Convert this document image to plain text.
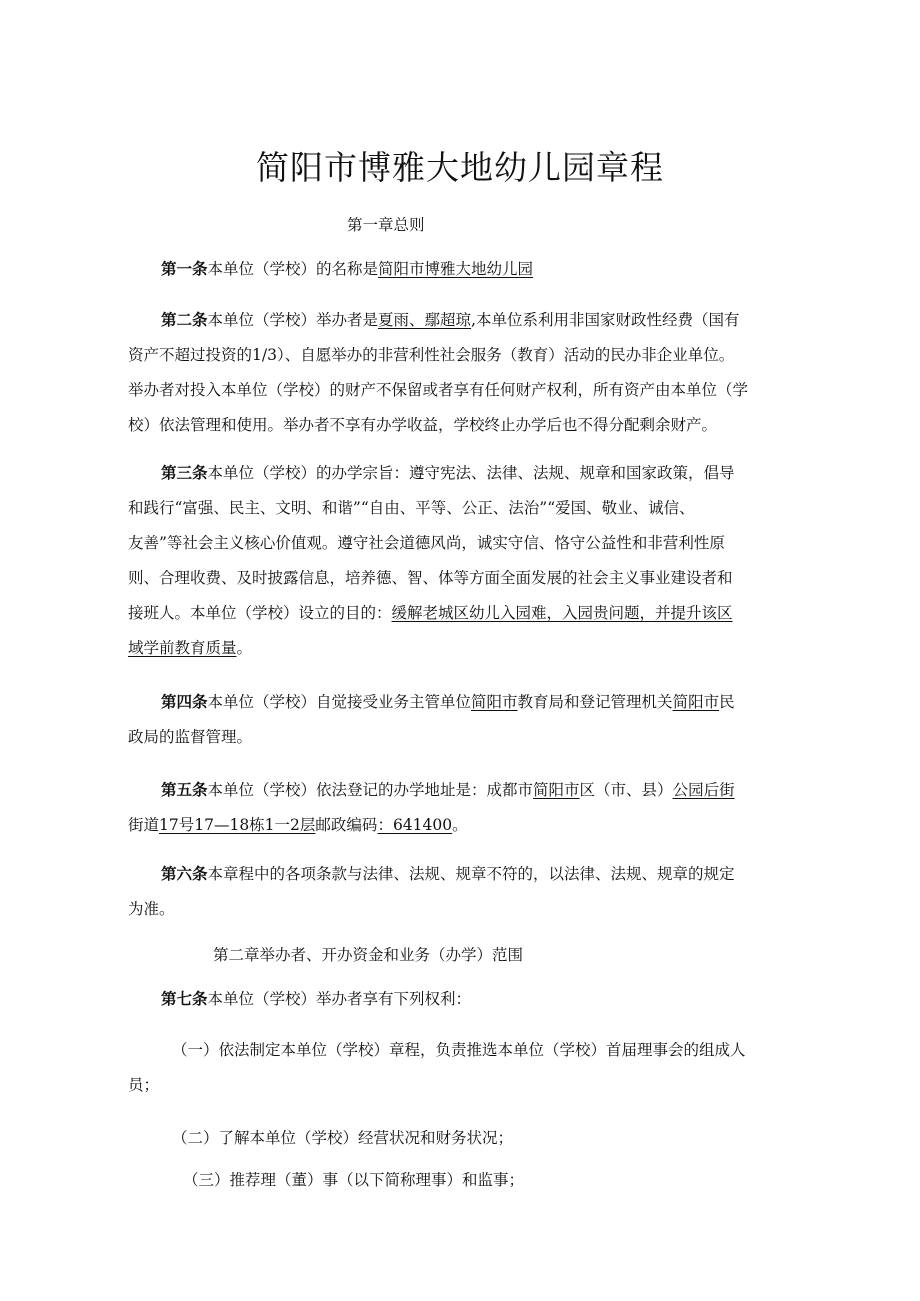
简阳市博雅大地幼儿园章程

第一章总则

第一条本单位（学校）的名称是简阳市博雅大地幼儿园

第二条本单位（学校）举办者是夏雨、鄢超琼,本单位系利用非国家财政性经费（国有
资产不超过投资的1/3）、自愿举办的非营利性社会服务（教育）活动的民办非企业单位。
举办者对投入本单位（学校）的财产不保留或者享有任何财产权利，所有资产由本单位（学
校）依法管理和使用。举办者不享有办学收益，学校终止办学后也不得分配剩余财产。

第三条本单位（学校）的办学宗旨：遵守宪法、法律、法规、规章和国家政策，倡导
和践行“富强、民主、文明、和谐”“自由、平等、公正、法治”“爱国、敬业、诚信、
友善”等社会主义核心价值观。遵守社会道德风尚，诚实守信、恪守公益性和非营利性原
则、合理收费、及时披露信息，培养德、智、体等方面全面发展的社会主义事业建设者和
接班人。本单位（学校）设立的目的：缓解老城区幼儿入园难，入园贵问题，并提升该区
域学前教育质量。

第四条本单位（学校）自觉接受业务主管单位简阳市教育局和登记管理机关简阳市民
政局的监督管理。

第五条本单位（学校）依法登记的办学地址是：成都市简阳市区（市、县）公园后街
街道17号17—18栋1一2层邮政编码：641400。

第六条本章程中的各项条款与法律、法规、规章不符的，以法律、法规、规章的规定
为准。

第二章举办者、开办资金和业务（办学）范围

第七条本单位（学校）举办者享有下列权利：

（一）依法制定本单位（学校）章程，负责推选本单位（学校）首届理事会的组成人
员；

（二）了解本单位（学校）经营状况和财务状况；

（三）推荐理（董）事（以下简称理事）和监事；
